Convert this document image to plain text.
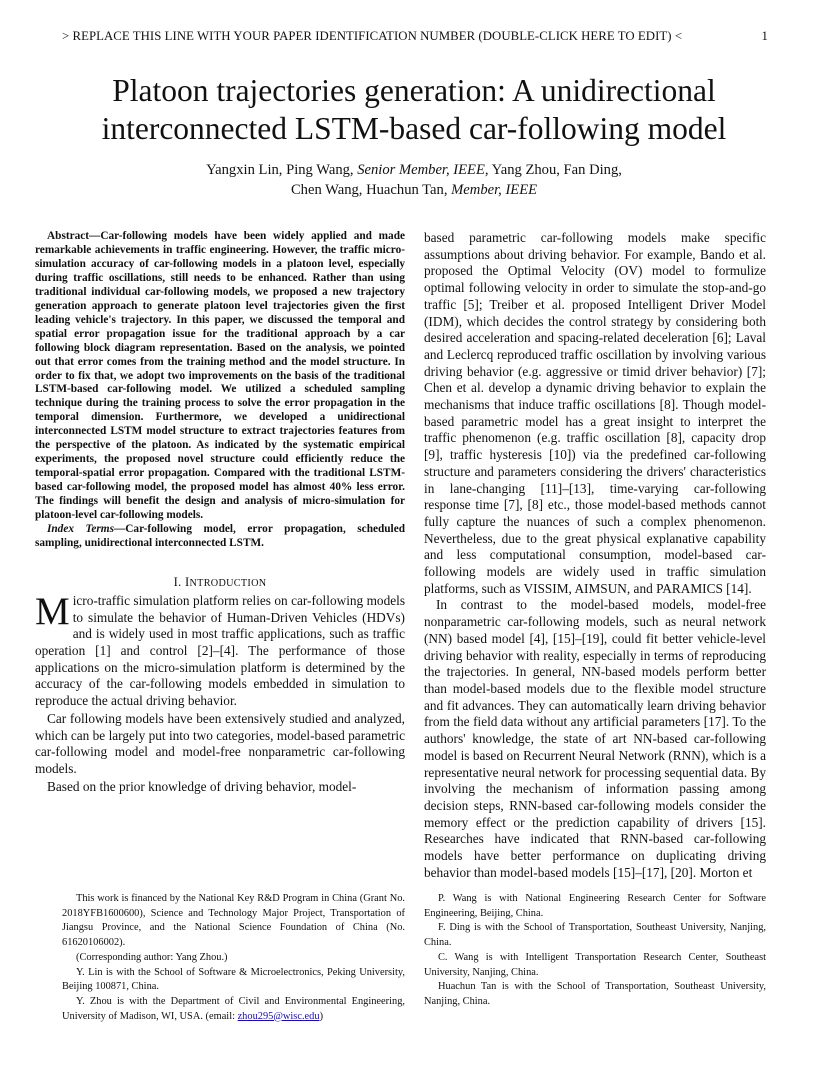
> REPLACE THIS LINE WITH YOUR PAPER IDENTIFICATION NUMBER (DOUBLE-CLICK HERE TO EDIT) <	1
Platoon trajectories generation: A unidirectional
interconnected LSTM-based car-following model
Yangxin Lin, Ping Wang, Senior Member, IEEE, Yang Zhou, Fan Ding,
Chen Wang, Huachun Tan, Member, IEEE

Abstract—Car-following models have been widely applied and made remarkable achievements in traffic engineering. However, the traffic micro-simulation accuracy of car-following models in a platoon level, especially during traffic oscillations, still needs to be enhanced. Rather than using traditional individual car-following models, we proposed a new trajectory generation approach to generate platoon level trajectories given the first leading vehicle's trajectory. In this paper, we discussed the temporal and spatial error propagation issue for the traditional approach by a car following block diagram representation. Based on the analysis, we pointed out that error comes from the training method and the model structure. In order to fix that, we adopt two improvements on the basis of the traditional LSTM-based car-following model. We utilized a scheduled sampling technique during the training process to solve the error propagation in the temporal dimension. Furthermore, we developed a unidirectional interconnected LSTM model structure to extract trajectories features from the perspective of the platoon. As indicated by the systematic empirical experiments, the proposed novel structure could efficiently reduce the temporal-spatial error propagation. Compared with the traditional LSTM-based car-following model, the proposed model has almost 40% less error. The findings will benefit the design and analysis of micro-simulation for platoon-level car-following models.

Index Terms—Car-following model, error propagation, scheduled sampling, unidirectional interconnected LSTM.

I. INTRODUCTION

Micro-traffic simulation platform relies on car-following models to simulate the behavior of Human-Driven Vehicles (HDVs) and is widely used in most traffic applications, such as traffic operation [1] and control [2]–[4]. The performance of those applications on the micro-simulation platform is determined by the accuracy of the car-following models embedded in simulation to reproduce the actual driving behavior.

Car following models have been extensively studied and analyzed, which can be largely put into two categories, model-based parametric car-following model and model-free nonparametric car-following models.

Based on the prior knowledge of driving behavior, model-

based parametric car-following models make specific assumptions about driving behavior. For example, Bando et al. proposed the Optimal Velocity (OV) model to formulize optimal following velocity in order to simulate the stop-and-go traffic [5]; Treiber et al. proposed Intelligent Driver Model (IDM), which decides the control strategy by considering both desired acceleration and spacing-related deceleration [6]; Laval and Leclercq reproduced traffic oscillation by involving various driving behavior (e.g. aggressive or timid driver behavior) [7]; Chen et al. develop a dynamic driving behavior to explain the mechanisms that induce traffic oscillations [8]. Though model-based parametric model has a great insight to interpret the traffic phenomenon (e.g. traffic oscillation [8], capacity drop [9], traffic hysteresis [10]) via the predefined car-following structure and parameters considering the drivers' characteristics in lane-changing [11]–[13], time-varying car-following response time [7], [8] etc., those model-based methods cannot fully capture the nuances of such a complex phenomenon. Nevertheless, due to the great physical explanative capability and less computational consumption, model-based car-following models are widely used in traffic simulation platforms, such as VISSIM, AIMSUN, and PARAMICS [14].

In contrast to the model-based models, model-free nonparametric car-following models, such as neural network (NN) based model [4], [15]–[19], could fit better vehicle-level driving behavior with reality, especially in terms of reproducing the trajectories. In general, NN-based models perform better than model-based models due to the flexible model structure and fit advances. They can automatically learn driving behavior from the field data without any artificial parameters [17]. To the authors' knowledge, the state of art NN-based car-following model is based on Recurrent Neural Network (RNN), which is a representative neural network for processing sequential data. By involving the mechanism of information passing among decision steps, RNN-based car-following models consider the memory effect or the prediction capability of drivers [15]. Researches have indicated that RNN-based car-following models have better performance on duplicating driving behavior than model-based models [15]–[17], [20]. Morton et

This work is financed by the National Key R&D Program in China (Grant No. 2018YFB1600600), Science and Technology Major Project, Transportation of Jiangsu Province, and the National Science Foundation of China (No. 61620106002).

(Corresponding author: Yang Zhou.)

Y. Lin is with the School of Software & Microelectronics, Peking University, Beijing 100871, China.

Y. Zhou is with the Department of Civil and Environmental Engineering, University of Madison, WI, USA. (email: zhou295@wisc.edu)

P. Wang is with National Engineering Research Center for Software Engineering, Beijing, China.

F. Ding is with the School of Transportation, Southeast University, Nanjing, China.

C. Wang is with Intelligent Transportation Research Center, Southeast University, Nanjing, China.

Huachun Tan is with the School of Transportation, Southeast University, Nanjing, China.
